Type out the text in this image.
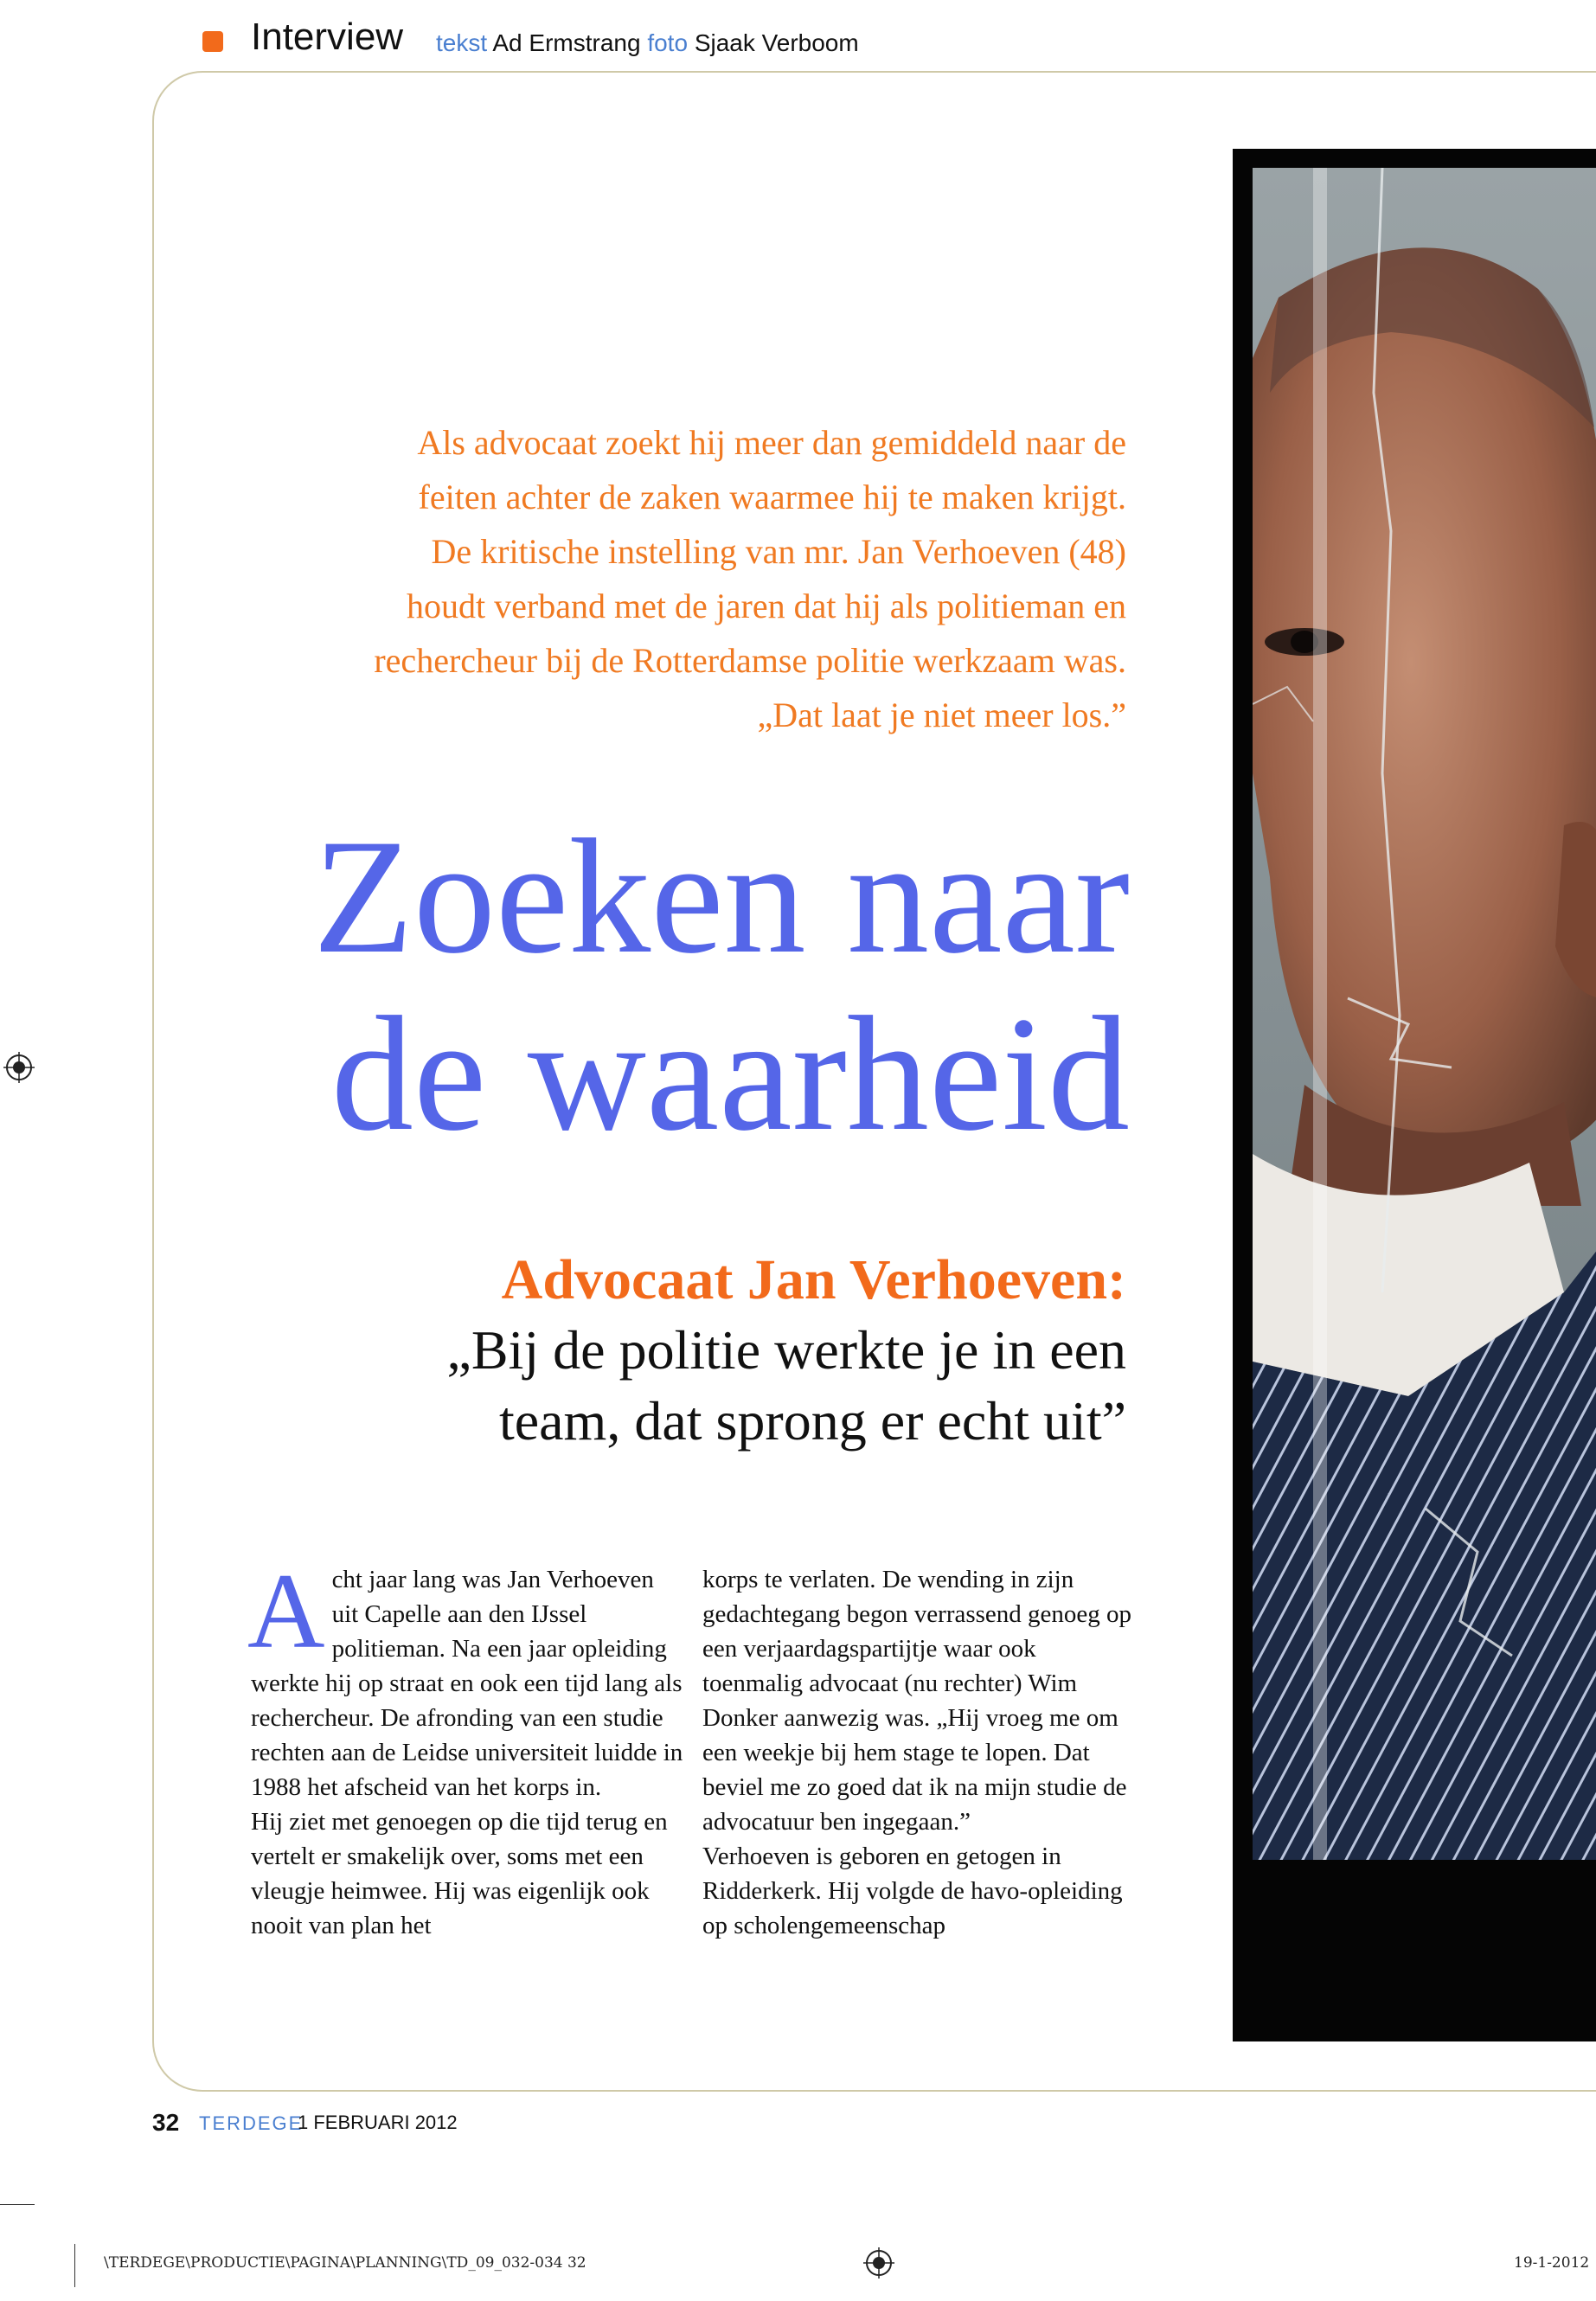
Interview tekst Ad Ermstrang foto Sjaak Verboom

Als advocaat zoekt hij meer dan gemiddeld naar de

feiten achter de zaken waarmee hij te maken krijgt.

De kritische instelling van mr. Jan Verhoeven (48)

houdt verband met de jaren dat hij als politieman en

rechercheur bij de Rotterdamse politie werkzaam was.

„Dat laat je niet meer los.”

Zoeken naar
de waarheid
Advocaat Jan Verhoeven:
„Bij de politie werkte je in een
team, dat sprong er echt uit”

Acht jaar lang was Jan Verhoeven uit Capelle aan den IJssel politieman. Na een jaar opleiding werkte hij op straat en ook een tijd lang als rechercheur. De afronding van een studie rechten aan de Leidse universiteit luidde in 1988 het afscheid van het korps in.

Hij ziet met genoegen op die tijd terug en vertelt er smakelijk over, soms met een vleugje heimwee. Hij was eigenlijk ook nooit van plan het

korps te verlaten. De wending in zijn gedachtegang begon verrassend genoeg op een verjaardagspartijtje waar ook toenmalig advocaat (nu rechter) Wim Donker aanwezig was. „Hij vroeg me om een weekje bij hem stage te lopen. Dat beviel me zo goed dat ik na mijn studie de advocatuur ben ingegaan.”

Verhoeven is geboren en getogen in Ridderkerk. Hij volgde de havo-opleiding op scholengemeenschap

32 TERDEGE
1 FEBRUARI 2012
\TERDEGE\PRODUCTIE\PAGINA\PLANNING\TD_09_032-034 32	19-1-2012
